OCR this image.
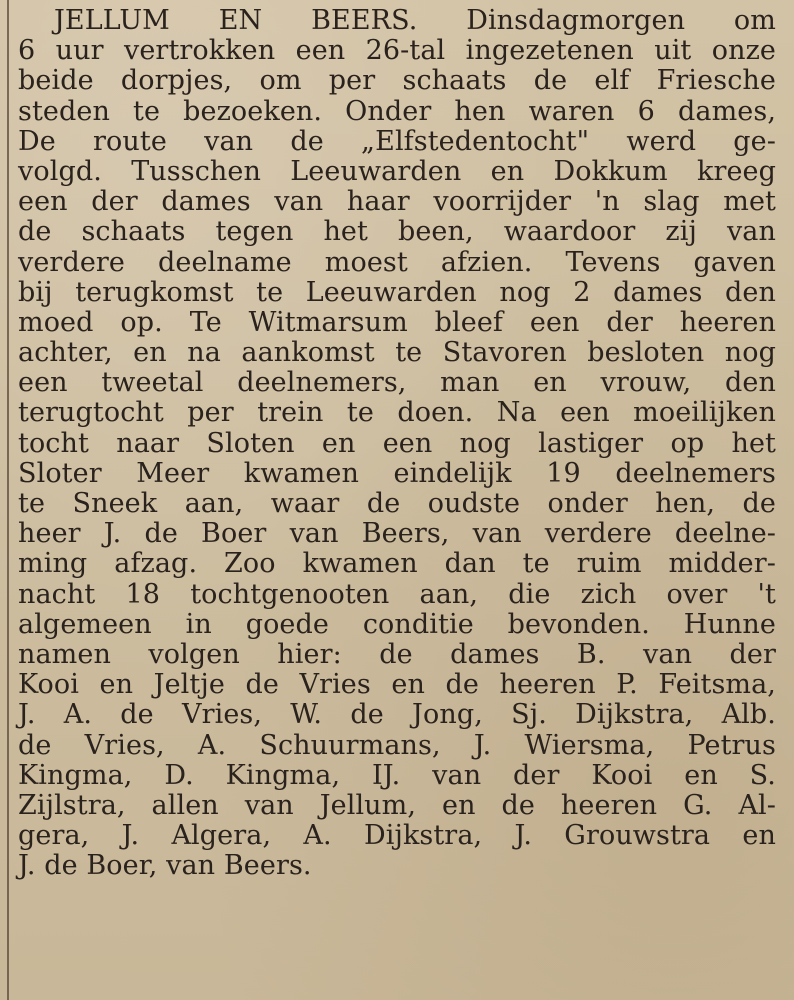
JELLUM EN BEERS. Dinsdagmorgen om
6 uur vertrokken een 26-tal ingezetenen uit onze
beide dorpjes, om per schaats de elf Friesche
steden te bezoeken. Onder hen waren 6 dames,
De route van de „Elfstedentocht" werd ge-
volgd. Tusschen Leeuwarden en Dokkum kreeg
een der dames van haar voorrijder 'n slag met
de schaats tegen het been, waardoor zij van
verdere deelname moest afzien. Tevens gaven
bij terugkomst te Leeuwarden nog 2 dames den
moed op. Te Witmarsum bleef een der heeren
achter, en na aankomst te Stavoren besloten nog
een tweetal deelnemers, man en vrouw, den
terugtocht per trein te doen. Na een moeilijken
tocht naar Sloten en een nog lastiger op het
Sloter Meer kwamen eindelijk 19 deelnemers
te Sneek aan, waar de oudste onder hen, de
heer J. de Boer van Beers, van verdere deelne-
ming afzag. Zoo kwamen dan te ruim midder-
nacht 18 tochtgenooten aan, die zich over 't
algemeen in goede conditie bevonden. Hunne
namen volgen hier: de dames B. van der
Kooi en Jeltje de Vries en de heeren P. Feitsma,
J. A. de Vries, W. de Jong, Sj. Dijkstra, Alb.
de Vries, A. Schuurmans, J. Wiersma, Petrus
Kingma, D. Kingma, IJ. van der Kooi en S.
Zijlstra, allen van Jellum, en de heeren G. Al-
gera, J. Algera, A. Dijkstra, J. Grouwstra en
J. de Boer, van Beers.
